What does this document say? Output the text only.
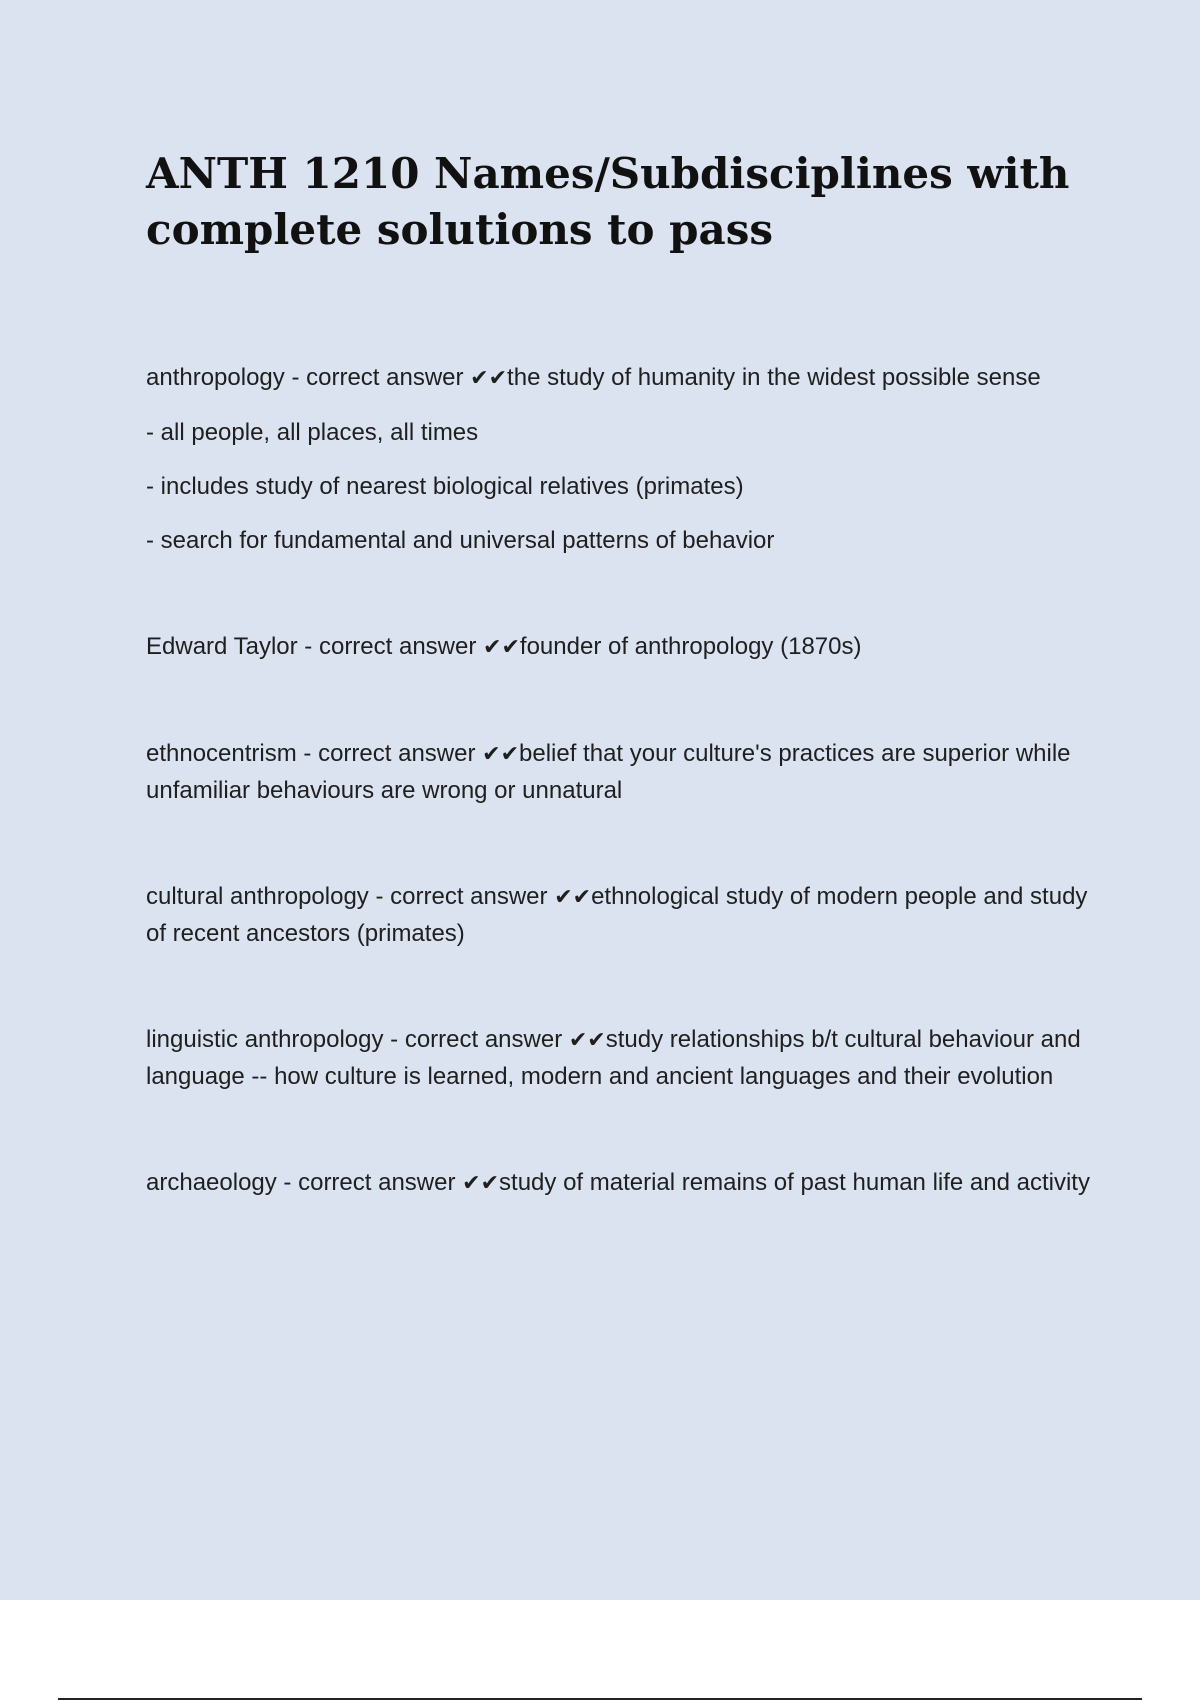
ANTH 1210 Names/Subdisciplines with
complete solutions to pass

anthropology - correct answer ✔✔the study of humanity in the widest possible sense

- all people, all places, all times

- includes study of nearest biological relatives (primates)

- search for fundamental and universal patterns of behavior

Edward Taylor - correct answer ✔✔founder of anthropology (1870s)

ethnocentrism - correct answer ✔✔belief that your culture's practices are superior while unfamiliar behaviours are wrong or unnatural

cultural anthropology - correct answer ✔✔ethnological study of modern people and study of recent ancestors (primates)

linguistic anthropology - correct answer ✔✔study relationships b/t cultural behaviour and language -- how culture is learned, modern and ancient languages and their evolution

archaeology - correct answer ✔✔study of material remains of past human life and activity
